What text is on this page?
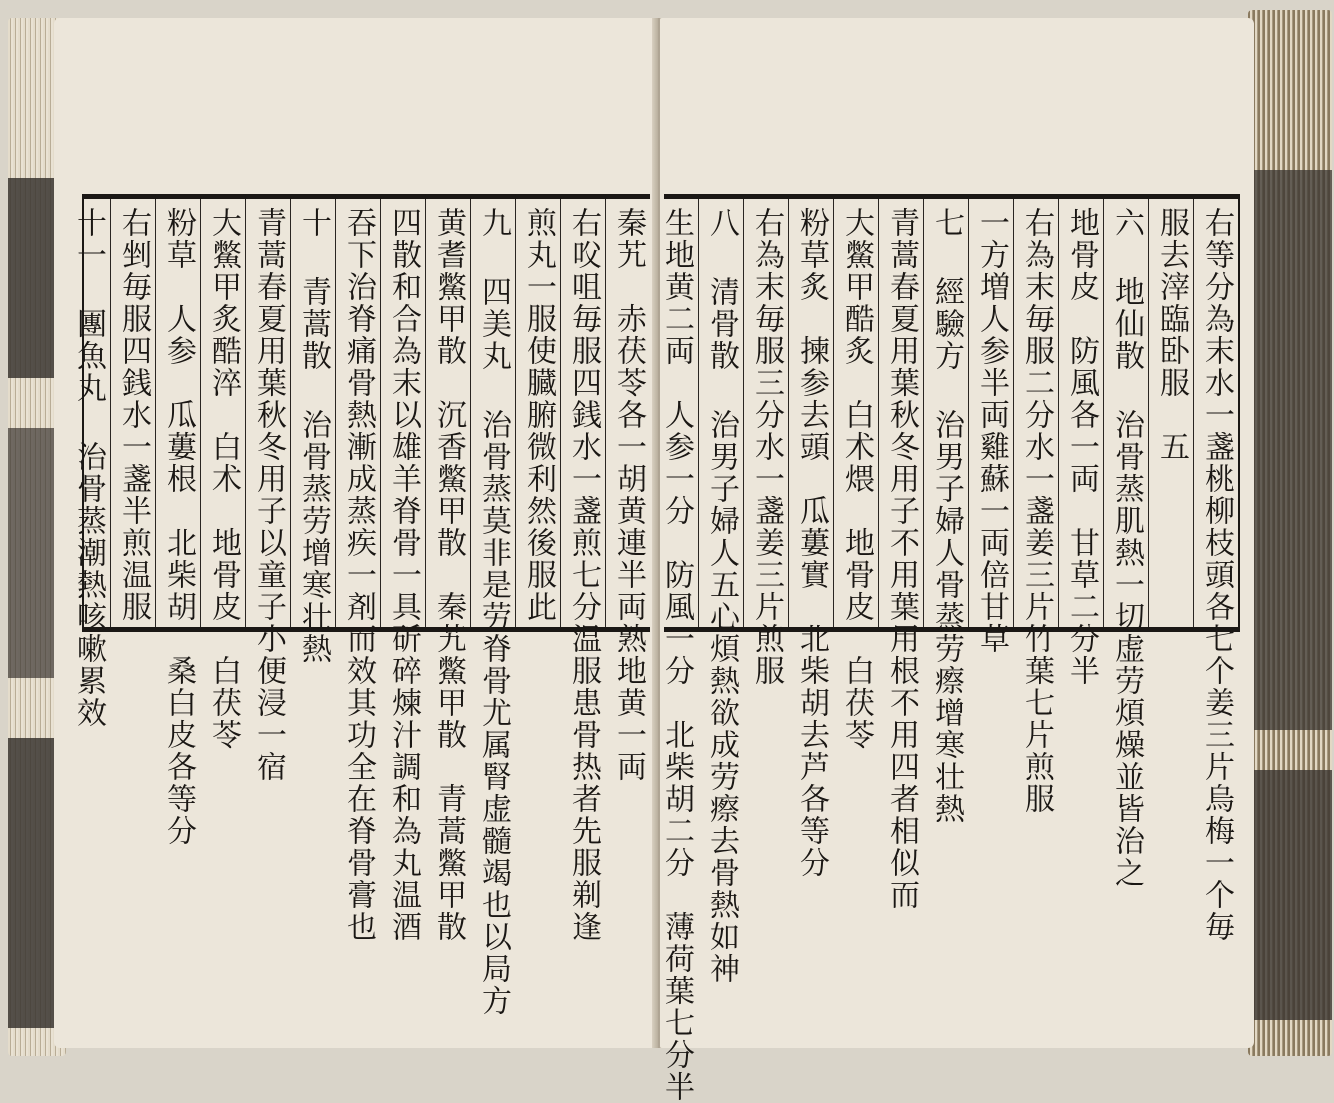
秦艽　赤茯苓各一胡黄連半両熟地黄一両
右㕮咀毎服四銭水一盞煎七分温服患骨热者先服剃逢
煎丸一服使臓腑微利然後服此
九 四美丸 治骨蒸莫非是劳脊骨尤属腎虚髓竭也以局方
黄耆鱉甲散　沉香鱉甲散　秦艽鱉甲散　青蒿鱉甲散
四散和合為末以雄羊脊骨一具斫碎煉汁調和為丸温酒
吞下治脊痛骨熱漸成蒸疾一剤而效其功全在脊骨膏也
十 青蒿散 治骨蒸劳增寒壮熱
青蒿春夏用葉秋冬用子以童子小便浸一宿
大鱉甲炙酷淬　白术　地骨皮　白茯苓
粉草　人参　瓜蔞根　北柴胡　桑白皮各等分
右剉毎服四銭水一盞半煎温服
十一 團魚丸 治骨蒸潮熱咳嗽累效	右等分為末水一盞桃柳枝頭各七个姜三片烏梅一个毎
服去滓臨卧服　五
六 地仙散 治骨蒸肌熱一切虚劳煩燥並皆治之
地骨皮　防風各一両　甘草二分半
右為末毎服二分水一盞姜三片竹葉七片煎服
一方増人参半両雞蘇一両倍甘草
七 經驗方 治男子婦人骨蒸劳瘵增寒壮熱
青蒿春夏用葉秋冬用子不用葉用根不用四者相似而
大鱉甲酷炙　白术煨　地骨皮　白茯苓
粉草炙　揀参去頭　瓜蔞實　北柴胡去芦各等分
右為末毎服三分水一盞姜三片煎服
八 清骨散 治男子婦人五心煩熱欲成劳瘵去骨熱如神
生地黄二両　人参一分　防風一分　北柴胡二分　薄荷葉七分半
